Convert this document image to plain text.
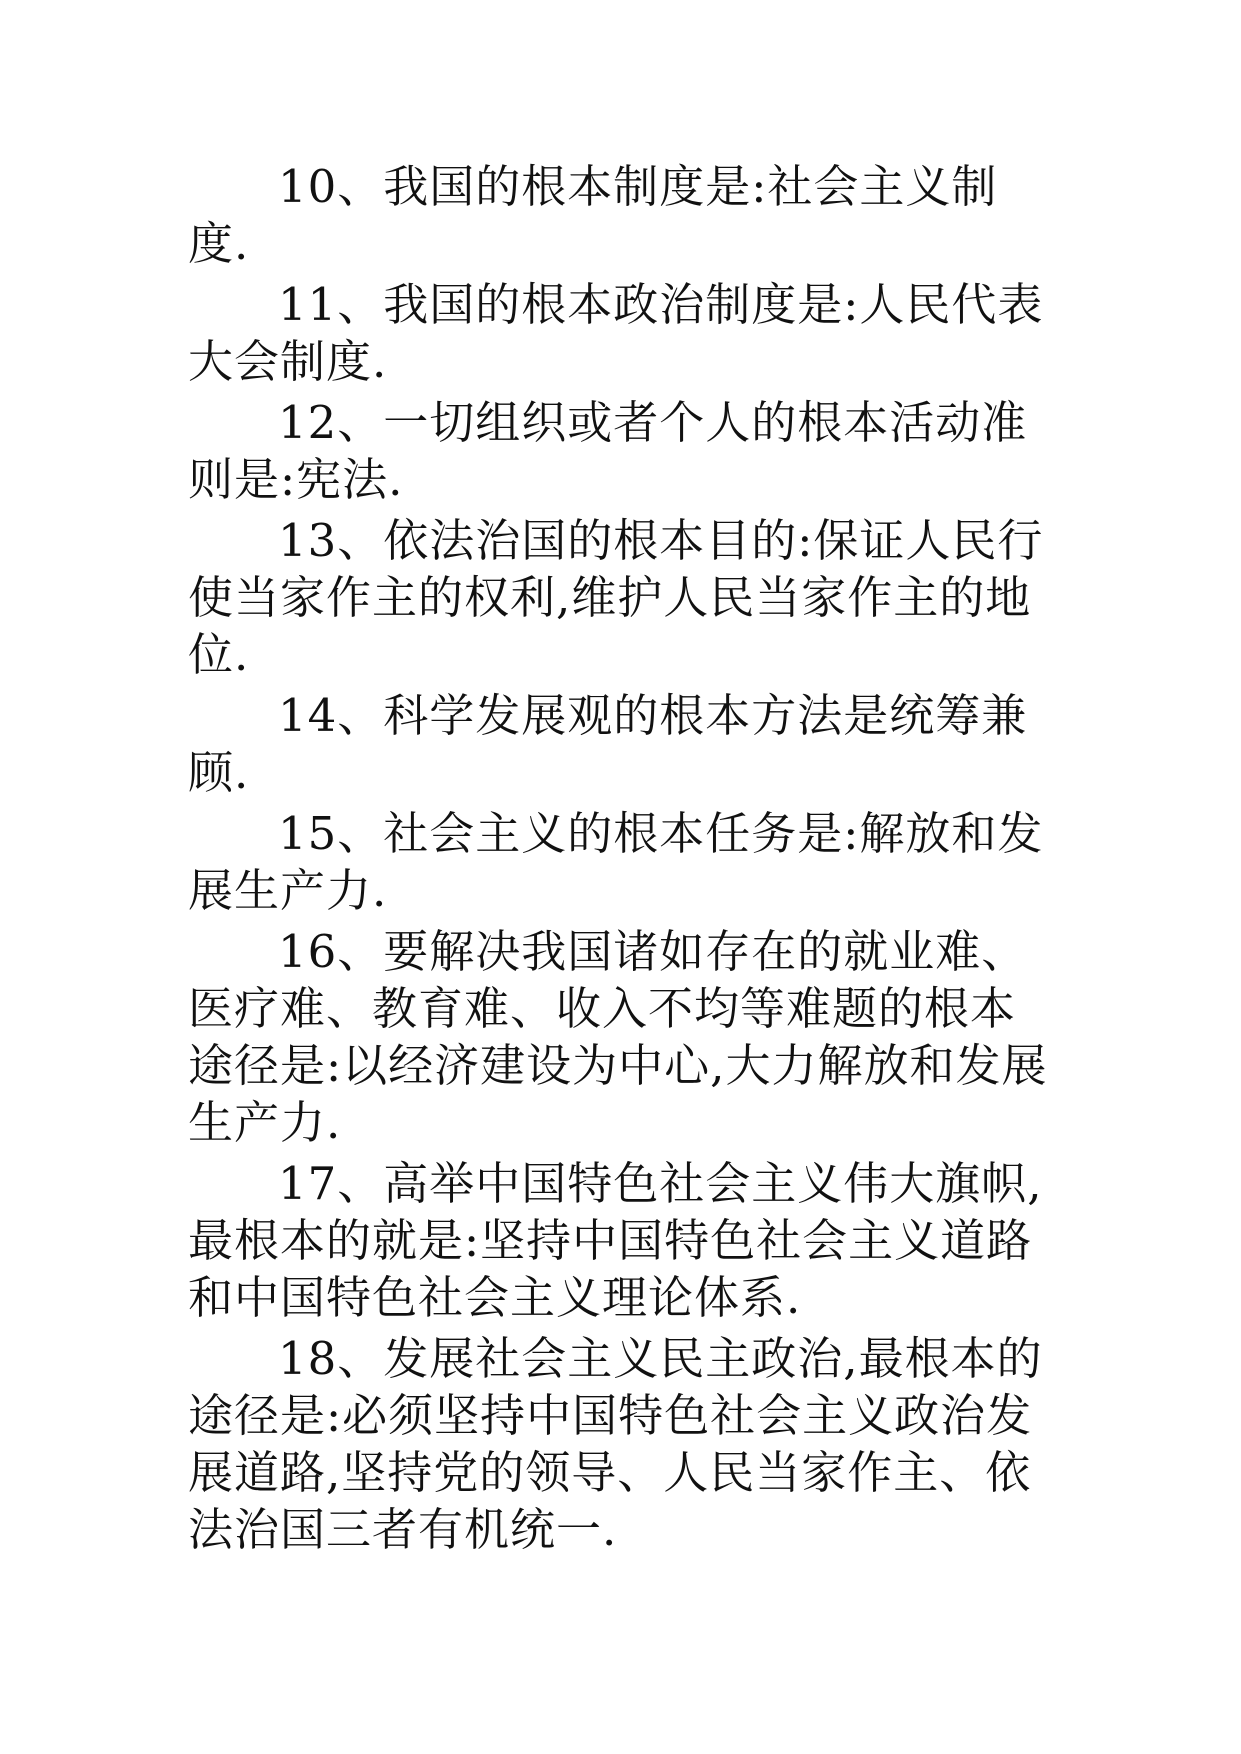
10、我国的根本制度是:社会主义制度.

11、我国的根本政治制度是:人民代表大会制度.

12、一切组织或者个人的根本活动准则是:宪法.

13、依法治国的根本目的:保证人民行使当家作主的权利,维护人民当家作主的地位.

14、科学发展观的根本方法是统筹兼顾.

15、社会主义的根本任务是:解放和发展生产力.

16、要解决我国诸如存在的就业难、医疗难、教育难、收入不均等难题的根本途径是:以经济建设为中心,大力解放和发展生产力.

17、高举中国特色社会主义伟大旗帜,最根本的就是:坚持中国特色社会主义道路和中国特色社会主义理论体系.

18、发展社会主义民主政治,最根本的途径是:必须坚持中国特色社会主义政治发展道路,坚持党的领导、人民当家作主、依法治国三者有机统一.
